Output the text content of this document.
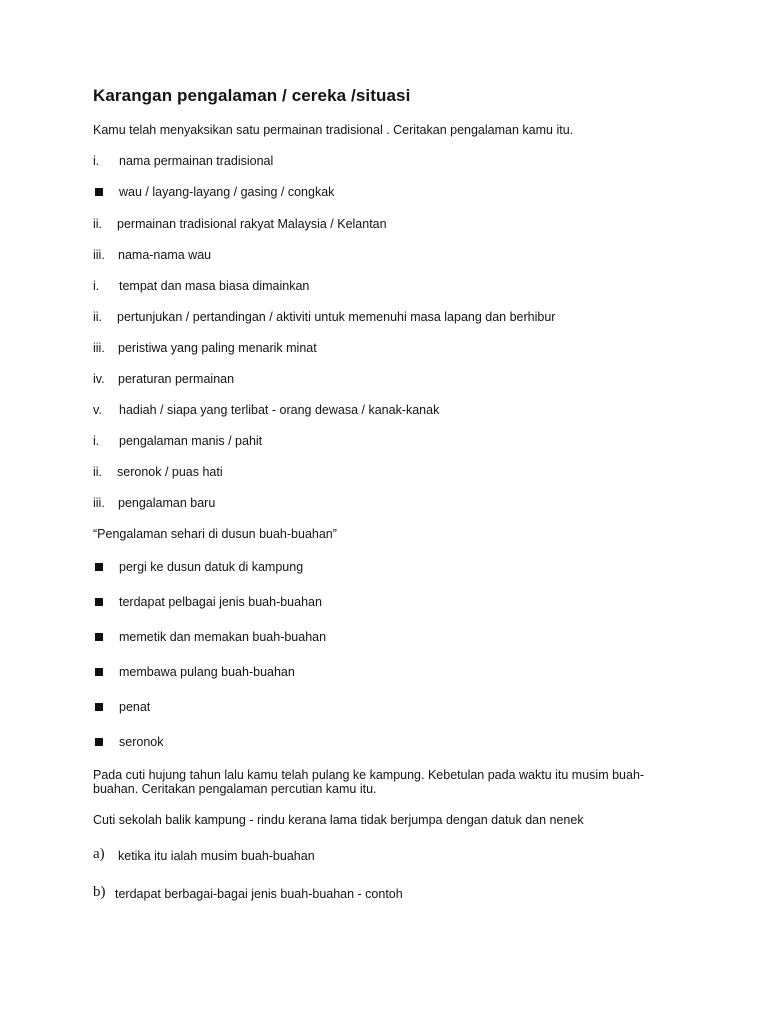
Karangan pengalaman / cereka /situasi
Kamu telah menyaksikan satu permainan tradisional . Ceritakan pengalaman kamu itu.
i. nama permainan tradisional
wau / layang-layang / gasing / congkak
ii. permainan tradisional rakyat Malaysia / Kelantan
iii. nama-nama wau
i. tempat dan masa biasa dimainkan
ii. pertunjukan / pertandingan / aktiviti untuk memenuhi masa lapang dan berhibur
iii. peristiwa yang paling menarik minat
iv. peraturan permainan
v. hadiah / siapa yang terlibat - orang dewasa / kanak-kanak
i. pengalaman manis / pahit
ii. seronok / puas hati
iii. pengalaman baru
“Pengalaman sehari di dusun buah-buahan”
pergi ke dusun datuk di kampung
terdapat pelbagai jenis buah-buahan
memetik dan memakan buah-buahan
membawa pulang buah-buahan
penat
seronok
Pada cuti hujung tahun lalu kamu telah pulang ke kampung. Kebetulan pada waktu itu musim buah-
buahan. Ceritakan pengalaman percutian kamu itu.
Cuti sekolah balik kampung - rindu kerana lama tidak berjumpa dengan datuk dan nenek
a) ketika itu ialah musim buah-buahan
b) terdapat berbagai-bagai jenis buah-buahan - contoh
